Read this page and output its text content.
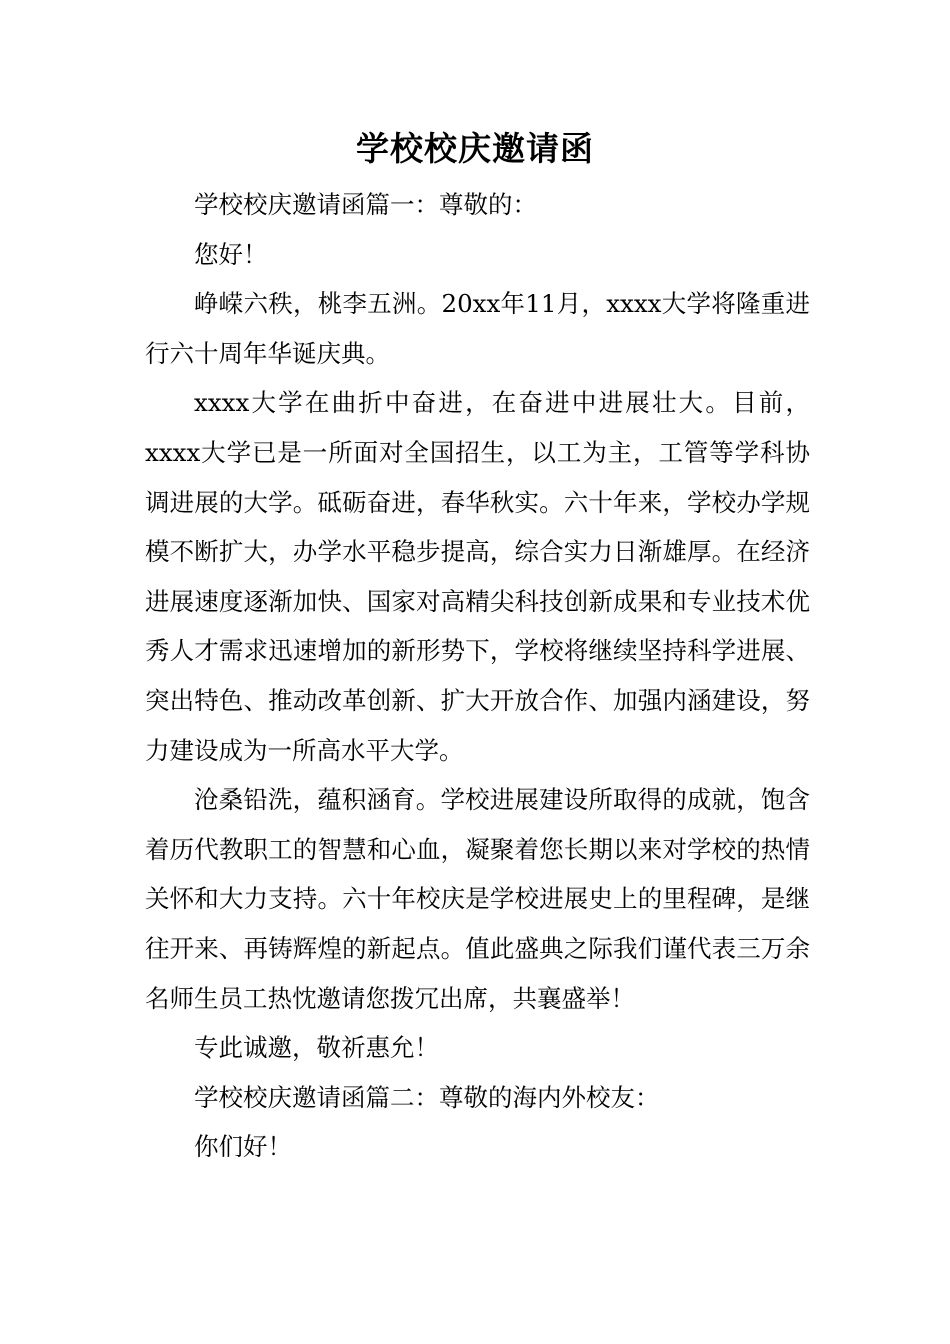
学校校庆邀请函

学校校庆邀请函篇一：尊敬的：

您好！

峥嵘六秩，桃李五洲。20xx年11月，xxxx大学将隆重进行六十周年华诞庆典。

xxxx大学在曲折中奋进，在奋进中进展壮大。目前，xxxx大学已是一所面对全国招生，以工为主，工管等学科协调进展的大学。砥砺奋进，春华秋实。六十年来，学校办学规模不断扩大，办学水平稳步提高，综合实力日渐雄厚。在经济进展速度逐渐加快、国家对高精尖科技创新成果和专业技术优秀人才需求迅速增加的新形势下，学校将继续坚持科学进展、突出特色、推动改革创新、扩大开放合作、加强内涵建设，努力建设成为一所高水平大学。

沧桑铅洗，蕴积涵育。学校进展建设所取得的成就，饱含着历代教职工的智慧和心血，凝聚着您长期以来对学校的热情关怀和大力支持。六十年校庆是学校进展史上的里程碑，是继往开来、再铸辉煌的新起点。值此盛典之际我们谨代表三万余名师生员工热忱邀请您拨冗出席，共襄盛举！

专此诚邀，敬祈惠允！

学校校庆邀请函篇二：尊敬的海内外校友：

你们好！
